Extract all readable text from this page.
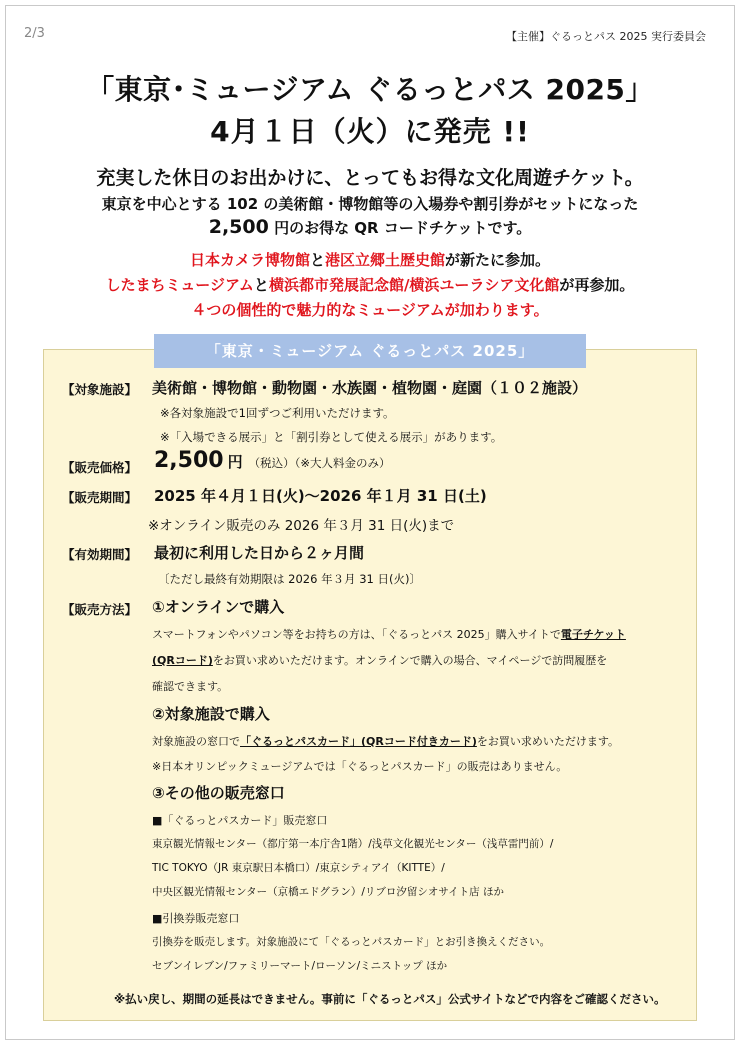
2/3	【主催】ぐるっとパス 2025 実行委員会
「東京･ミュージアム ぐるっとパス 2025」
4月１日（火）に発売 !!
充実した休日のお出かけに、とってもお得な文化周遊チケット。
東京を中心とする 102 の美術館・博物館等の入場券や割引券がセットになった
2,500 円のお得な QR コードチケットです。
日本カメラ博物館と港区立郷土歴史館が新たに参加。
したまちミュージアムと横浜都市発展記念館/横浜ユーラシア文化館が再参加。
４つの個性的で魅力的なミュージアムが加わります。
「東京・ミュージアム ぐるっとパス 2025」
【対象施設】 美術館・博物館・動物園・水族園・植物園・庭園（１０２施設）
※各対象施設で1回ずつご利用いただけます。
※「入場できる展示」と「割引券として使える展示」があります。
【販売価格】 2,500 円 （税込）（※大人料金のみ）
【販売期間】 2025 年４月１日(火)～2026 年１月 31 日(土)
※オンライン販売のみ 2026 年３月 31 日(火)まで
【有効期間】 最初に利用した日から２ヶ月間
〔ただし最終有効期限は 2026 年３月 31 日(火)〕
【販売方法】 ①オンラインで購入
スマートフォンやパソコン等をお持ちの方は、「ぐるっとパス 2025」購入サイトで電子チケット
(QRコード)をお買い求めいただけます。オンラインで購入の場合、マイページで訪問履歴を
確認できます。
②対象施設で購入
対象施設の窓口で「ぐるっとパスカード」(QRコード付きカード)をお買い求めいただけます。
※日本オリンピックミュージアムでは「ぐるっとパスカード」の販売はありません。
③その他の販売窓口
■「ぐるっとパスカード」販売窓口
東京観光情報センター（都庁第一本庁舎1階）/浅草文化観光センター（浅草雷門前）/
TIC TOKYO（JR 東京駅日本橋口）/東京シティアイ（KITTE）/
中央区観光情報センター（京橋エドグラン）/リブロ汐留シオサイト店 ほか
■引換券販売窓口
引換券を販売します。対象施設にて「ぐるっとパスカード」とお引き換えください。
セブンイレブン/ファミリーマート/ローソン/ミニストップ ほか
※払い戻し、期間の延長はできません。事前に「ぐるっとパス」公式サイトなどで内容をご確認ください。
